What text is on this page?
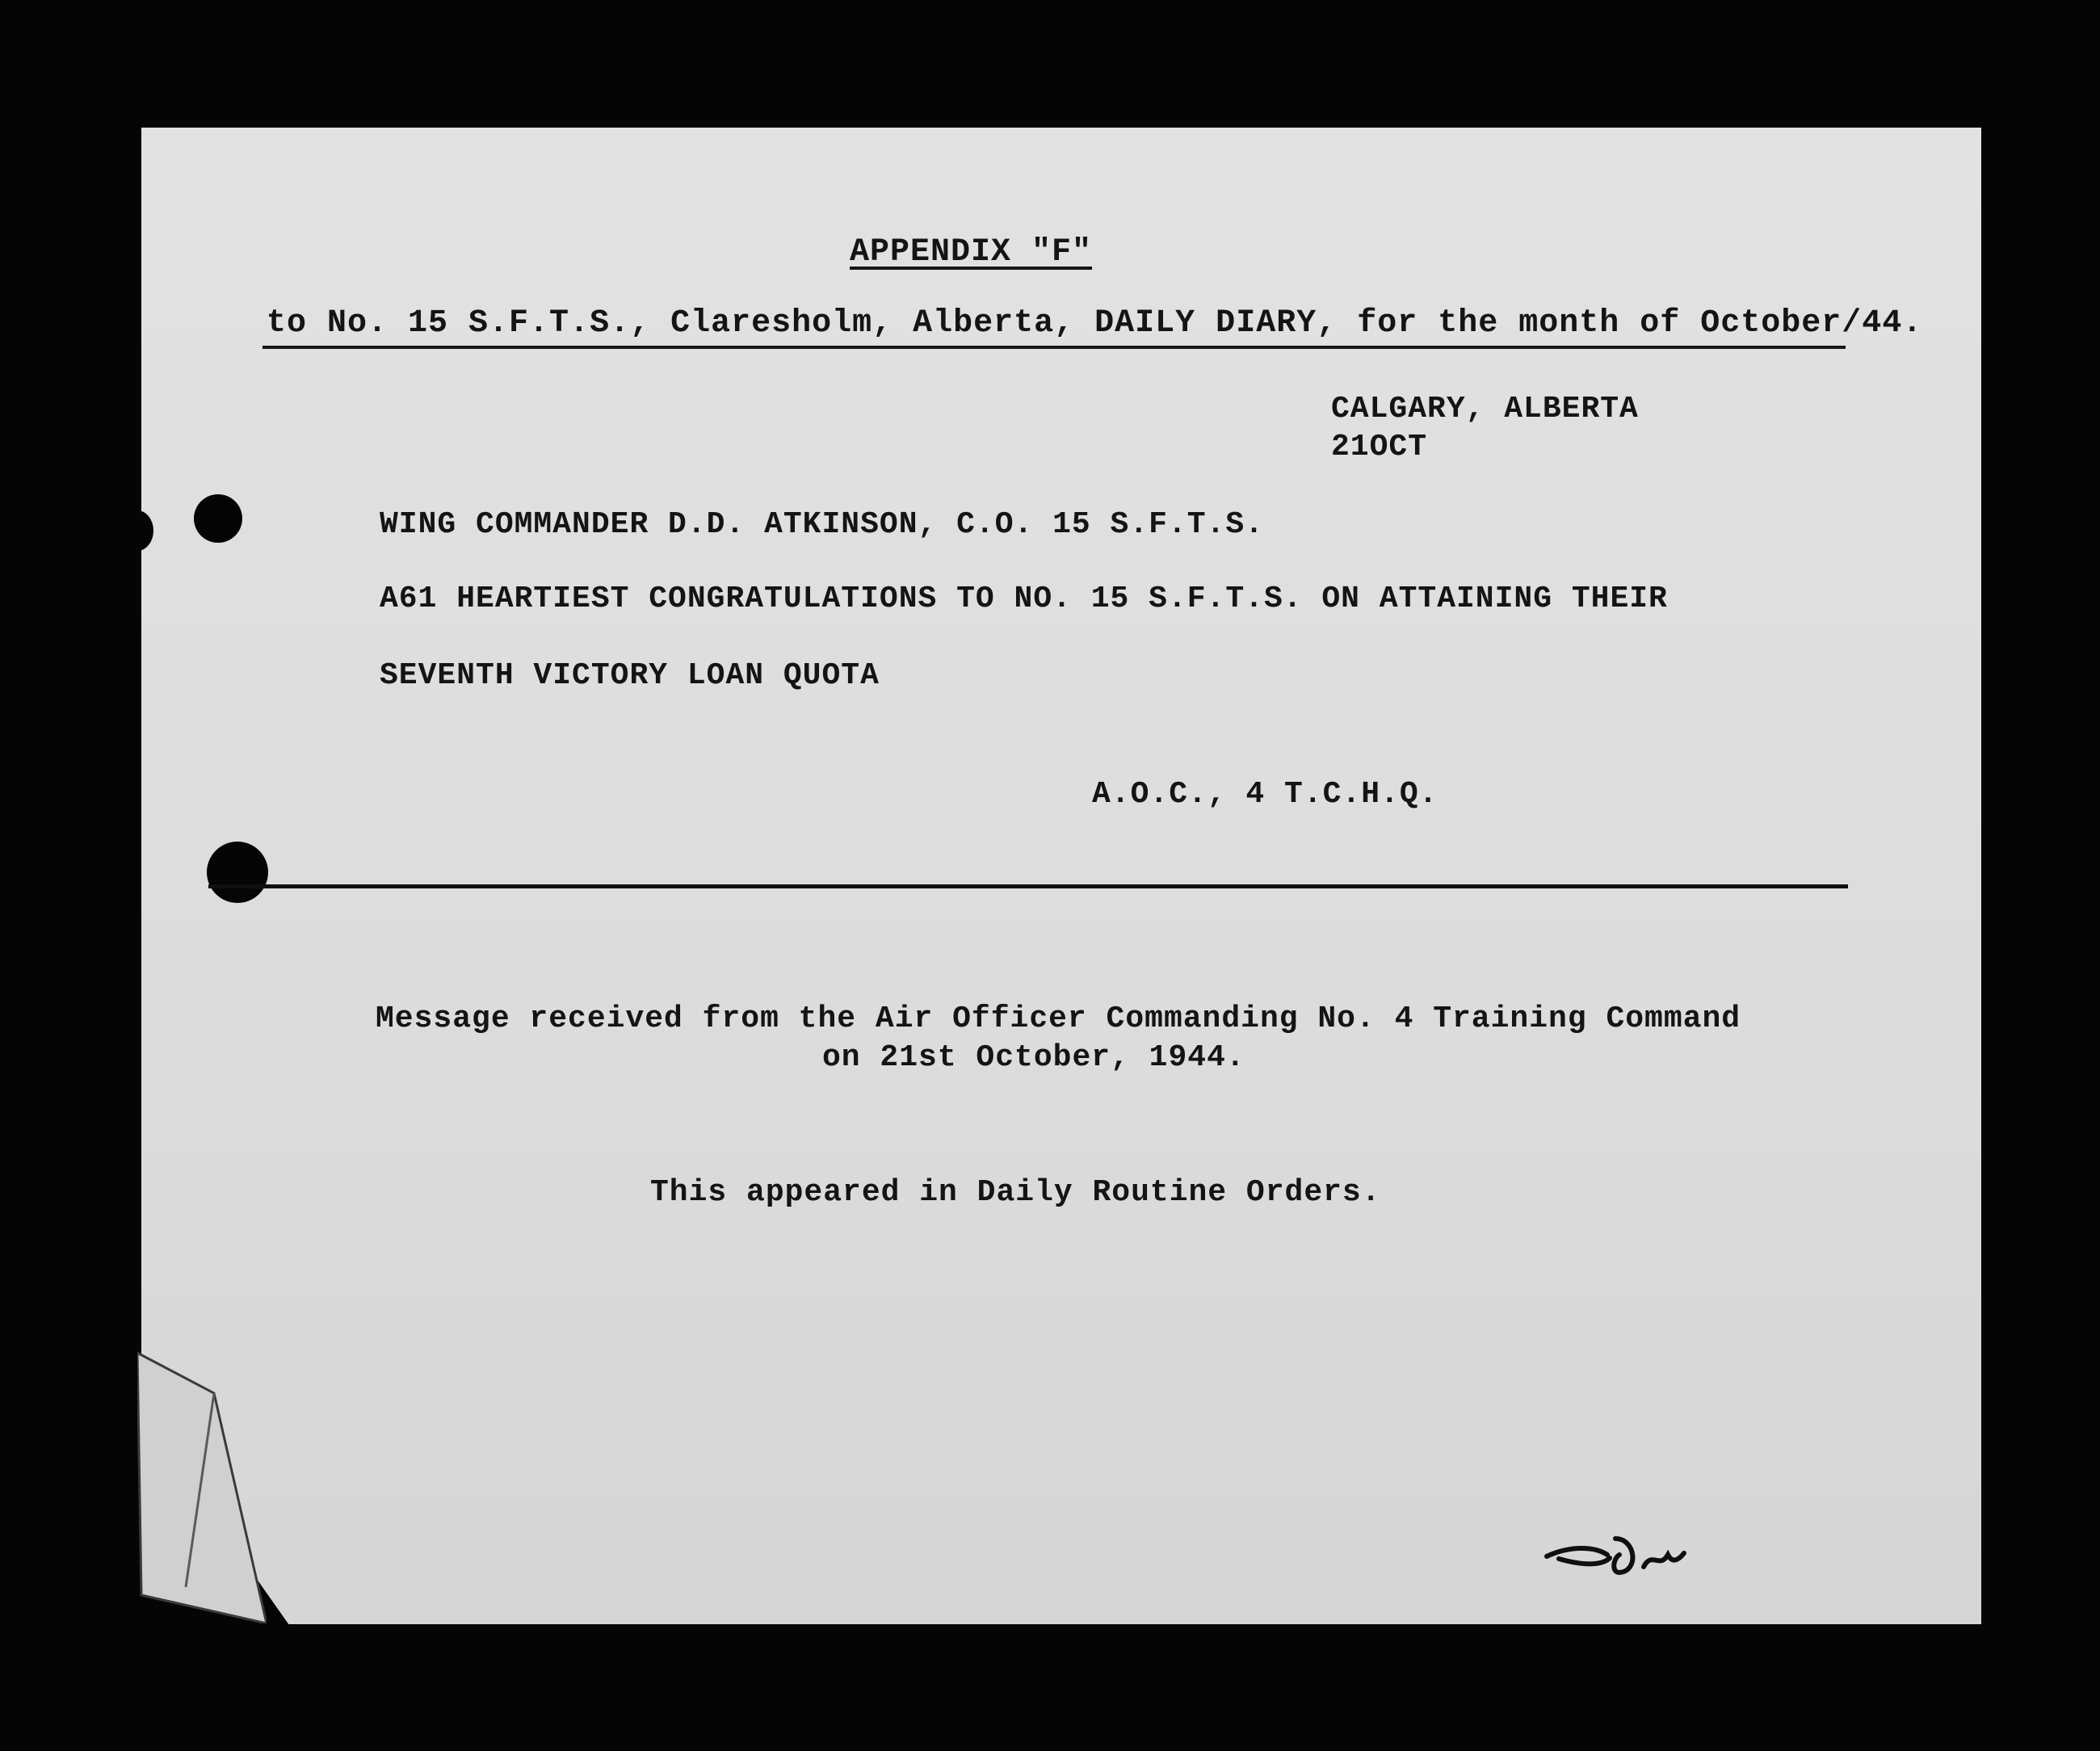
APPENDIX "F"
to No. 15 S.F.T.S., Claresholm, Alberta, DAILY DIARY, for the month of October/44.
CALGARY, ALBERTA
21OCT
WING COMMANDER D.D. ATKINSON, C.O. 15 S.F.T.S.
A61 HEARTIEST CONGRATULATIONS TO NO. 15 S.F.T.S. ON ATTAINING THEIR
SEVENTH VICTORY LOAN QUOTA
A.O.C., 4 T.C.H.Q.
Message received from the Air Officer Commanding No. 4 Training Command
on 21st October, 1944.
This appeared in Daily Routine Orders.
